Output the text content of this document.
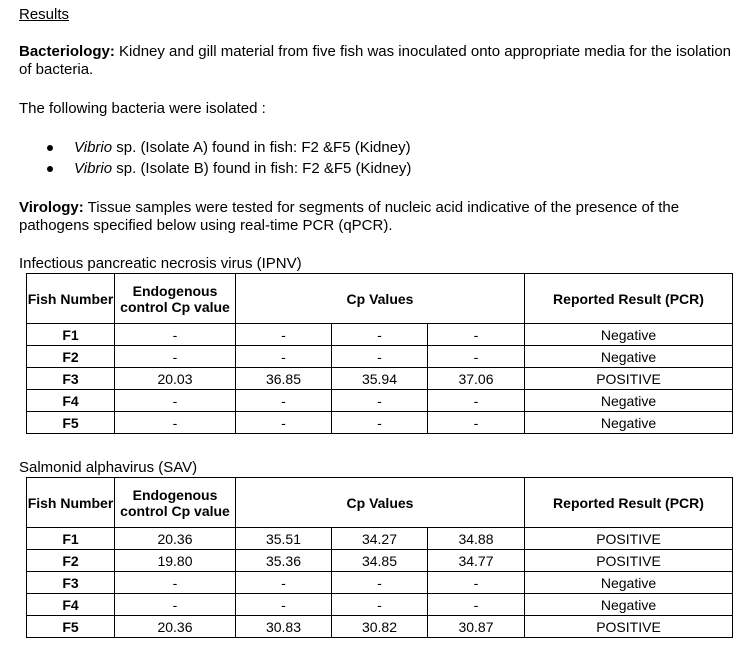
Results
Bacteriology: Kidney and gill material from five fish was inoculated onto appropriate media for the isolation of bacteria.
The following bacteria were isolated :
Vibrio sp. (Isolate A) found in fish: F2 &F5 (Kidney)
Vibrio sp. (Isolate B) found in fish: F2 &F5 (Kidney)
Virology: Tissue samples were tested for segments of nucleic acid indicative of the presence of the pathogens specified below using real-time PCR (qPCR).
Infectious pancreatic necrosis virus (IPNV)
Fish Number	Endogenous control Cp value	Cp Values			Reported Result (PCR)
F1	-	-	-	-	Negative
F2	-	-	-	-	Negative
F3	20.03	36.85	35.94	37.06	POSITIVE
F4	-	-	-	-	Negative
F5	-	-	-	-	Negative
Salmonid alphavirus (SAV)
Fish Number	Endogenous control Cp value	Cp Values			Reported Result (PCR)
F1	20.36	35.51	34.27	34.88	POSITIVE
F2	19.80	35.36	34.85	34.77	POSITIVE
F3	-	-	-	-	Negative
F4	-	-	-	-	Negative
F5	20.36	30.83	30.82	30.87	POSITIVE
